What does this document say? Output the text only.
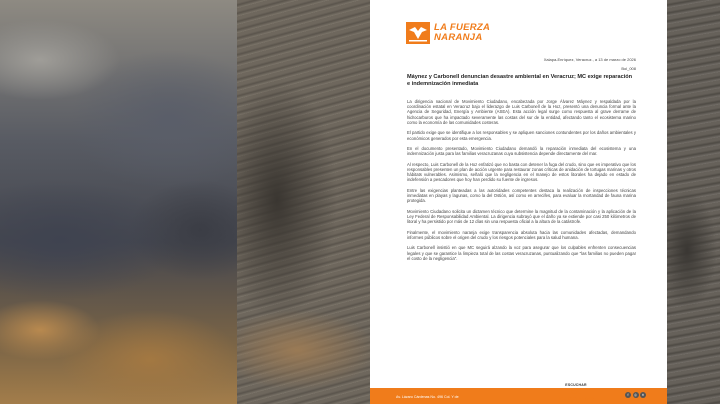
LA FUERZA
NARANJA
Xalapa-Enríquez, Veracruz., a 13 de marzo de 2026
Bol_008
Máynez y Carbonell denuncian desastre ambiental en Veracruz; MC exige reparación e indemnización inmediata

La dirigencia nacional de Movimiento Ciudadano, encabezada por Jorge Álvarez Máynez y respaldada por la coordinación estatal en Veracruz bajo el liderazgo de Luis Carbonell de la Hoz, presentó una denuncia formal ante la Agencia de Seguridad, Energía y Ambiente (ASEA). Esta acción legal surge como respuesta al grave derrame de hidrocarburos que ha impactado severamente las costas del sur de la entidad, afectando tanto el ecosistema marino como la economía de las comunidades costeras.

El partido exige que se identifique a los responsables y se apliquen sanciones contundentes por los daños ambientales y económicos generados por esta emergencia.

En el documento presentado, Movimiento Ciudadano demandó la reparación inmediata del ecosistema y una indemnización justa para las familias veracruzanas cuya subsistencia depende directamente del mar.

Al respecto, Luis Carbonell de la Hoz enfatizó que no basta con detener la fuga del crudo, sino que es imperativo que los responsables presenten un plan de acción urgente para restaurar zonas críticas de anidación de tortugas marinas y otros hábitats vulnerables. Asimismo, señaló que la negligencia en el manejo de estos litorales ha dejado en estado de indefensión a pescadores que hoy han perdido su fuente de ingresos.

Entre las exigencias planteadas a las autoridades competentes destaca la realización de inspecciones técnicas inmediatas en playas y lagunas, como la del Ostión, así como en arrecifes, para evaluar la mortandad de fauna marina protegida.

Movimiento Ciudadano solicita un dictamen técnico que determine la magnitud de la contaminación y la aplicación de la Ley Federal de Responsabilidad Ambiental. La dirigencia subrayó que el daño ya se extiende por casi 250 kilómetros de litoral y ha persistido por más de 12 días sin una respuesta oficial a la altura de la catástrofe.

Finalmente, el movimiento naranja exige transparencia absoluta hacia las comunidades afectadas, demandando informes públicos sobre el origen del crudo y los riesgos potenciales para la salud humana.

Luis Carbonell insistió en que MC seguirá alzando la voz para asegurar que los culpables enfrenten consecuencias legales y que se garantice la limpieza total de las costas veracruzanas, puntualizando que "las familias no pueden pagar el costo de la negligencia".

Av. Lázaro Cárdenas No. 496 Col. Y de
ESCUCHAR
EL FUTURO	f	◎	✕
